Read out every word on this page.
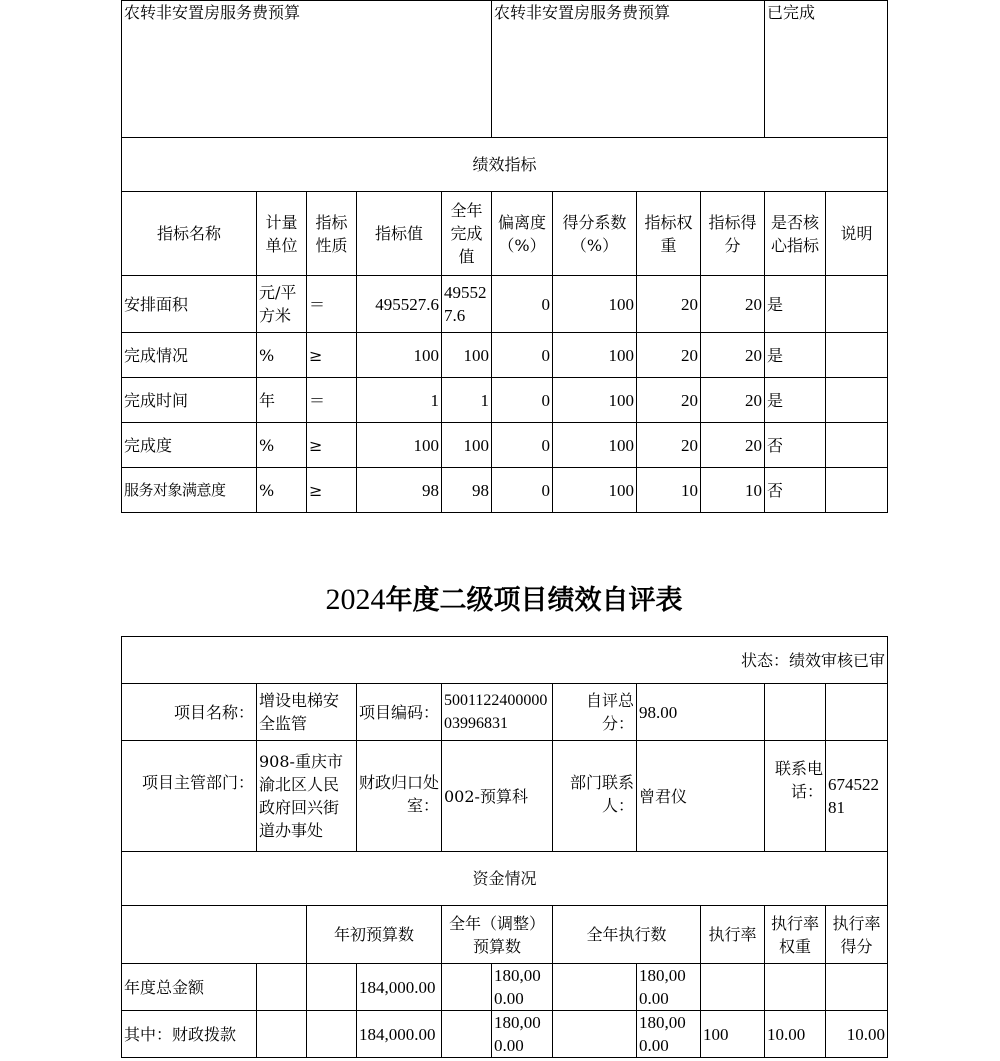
农转非安置房服务费预算					农转非安置房服务费预算				已完成	
绩效指标										
指标名称	计量单位	指标性质	指标值	全年完成值	偏离度（%）	得分系数（%）	指标权重	指标得分	是否核心指标	说明
安排面积	元/平方米	＝	495527.6	495527.6	0	100	20	20	是	
完成情况	%	≥	100	100	0	100	20	20	是	
完成时间	年	＝	1	1	0	100	20	20	是	
完成度	%	≥	100	100	0	100	20	20	否	
服务对象满意度	%	≥	98	98	0	100	10	10	否	
2024年度二级项目绩效自评表
状态：绩效审核已审										
项目名称：	增设电梯安全监管		项目编码：	500112240000003996831		自评总分：	98.00			
项目主管部门：	908-重庆市渝北区人民政府回兴街道办事处		财政归口处室：	002-预算科		部门联系人：	曾君仪		联系电话：	67452281
资金情况										
		年初预算数		全年（调整）预算数		全年执行数		执行率	执行率权重	执行率得分
年度总金额			184,000.00		180,000.00		180,000.00			
其中：财政拨款			184,000.00		180,000.00		180,000.00	100	10.00	10.00
